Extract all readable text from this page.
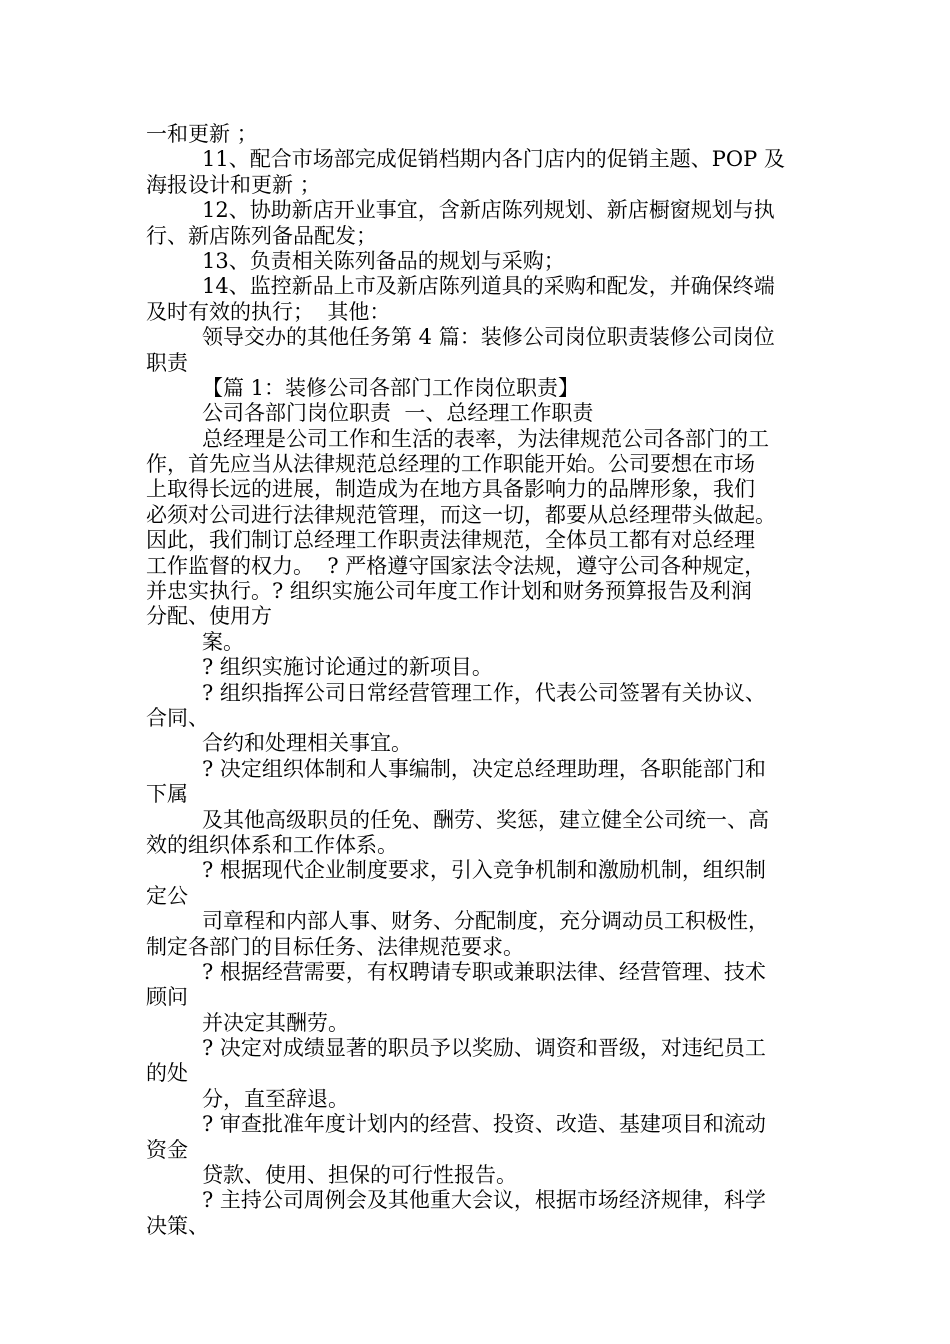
一和更新 ；
11、配合市场部完成促销档期内各门店内的促销主题、POP 及
海报设计和更新 ；
12、协助新店开业事宜，含新店陈列规划、新店橱窗规划与执
行、新店陈列备品配发；
13、负责相关陈列备品的规划与采购；
14、监控新品上市及新店陈列道具的采购和配发，并确保终端
及时有效的执行；  其他：
领导交办的其他任务第 4 篇：装修公司岗位职责装修公司岗位
职责
【篇 1：装修公司各部门工作岗位职责】
公司各部门岗位职责  一、总经理工作职责
总经理是公司工作和生活的表率，为法律规范公司各部门的工
作，首先应当从法律规范总经理的工作职能开始。公司要想在市场
上取得长远的进展，制造成为在地方具备影响力的品牌形象，我们
必须对公司进行法律规范管理，而这一切，都要从总经理带头做起。
因此，我们制订总经理工作职责法律规范，全体员工都有对总经理
工作监督的权力。  ? 严格遵守国家法令法规，遵守公司各种规定，
并忠实执行。? 组织实施公司年度工作计划和财务预算报告及利润
分配、使用方
案。
? 组织实施讨论通过的新项目。
? 组织指挥公司日常经营管理工作，代表公司签署有关协议、
合同、
合约和处理相关事宜。
? 决定组织体制和人事编制，决定总经理助理，各职能部门和
下属
及其他高级职员的任免、酬劳、奖惩，建立健全公司统一、高
效的组织体系和工作体系。
? 根据现代企业制度要求，引入竞争机制和激励机制，组织制
定公
司章程和内部人事、财务、分配制度，充分调动员工积极性，
制定各部门的目标任务、法律规范要求。
? 根据经营需要，有权聘请专职或兼职法律、经营管理、技术
顾问
并决定其酬劳。
? 决定对成绩显著的职员予以奖励、调资和晋级，对违纪员工
的处
分，直至辞退。
? 审查批准年度计划内的经营、投资、改造、基建项目和流动
资金
贷款、使用、担保的可行性报告。
? 主持公司周例会及其他重大会议，根据市场经济规律，科学
决策、
